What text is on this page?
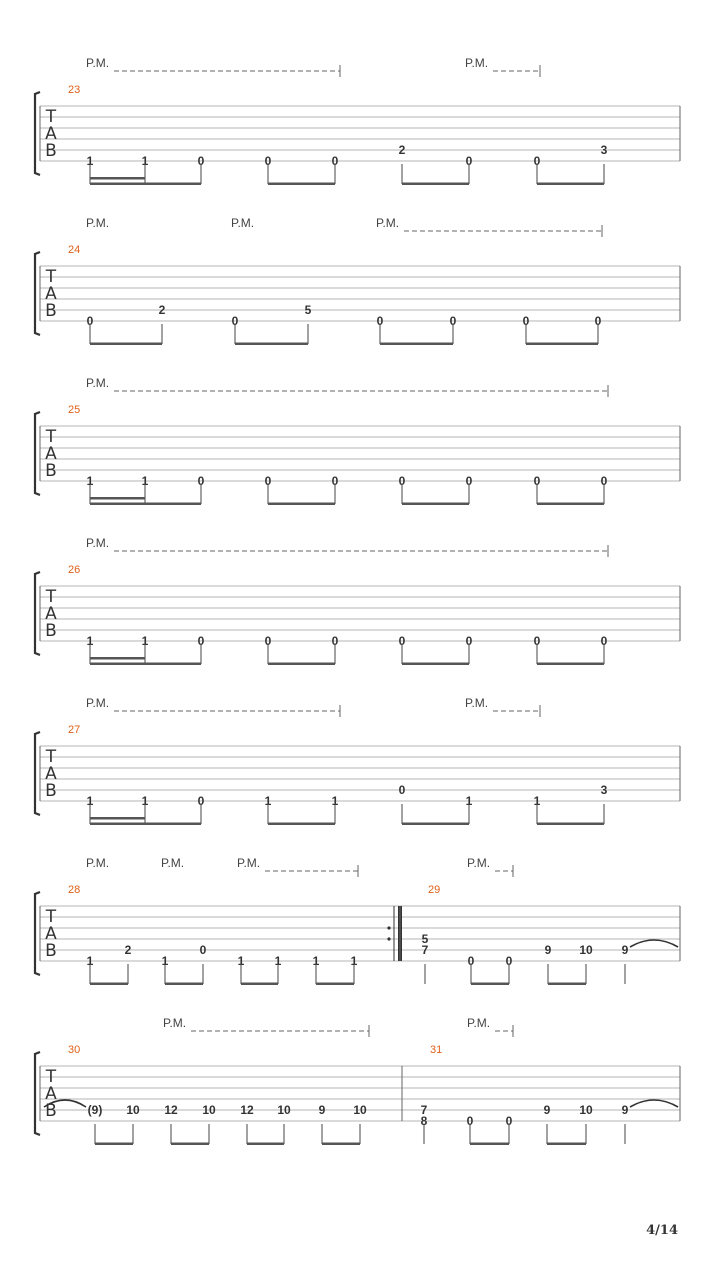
T
A
B
P.M.	P.M.
23
1	1	0	0	0
2
0	0
3
T
A
B
P.M.	P.M.	P.M.
24
0
2
0
5
0	0	0	0
T
A
B
P.M.
25
1	1	0	0	0	0	0	0	0
T
A
B
P.M.
26
1	1	0	0	0	0	0	0	0
T
A
B
P.M.	P.M.
27
1	1	0	1	1
0
1	1
3
T
A
B
P.M.	P.M.	P.M.	P.M.
28
1
2
1
0
1	1	1	1
29
5
7
0	0
9 10 9
T
A
B
P.M.	P.M.
30
(9) 10 12 10 12 10 9 10
31
7
8	0	0
9 10 9
4/14
